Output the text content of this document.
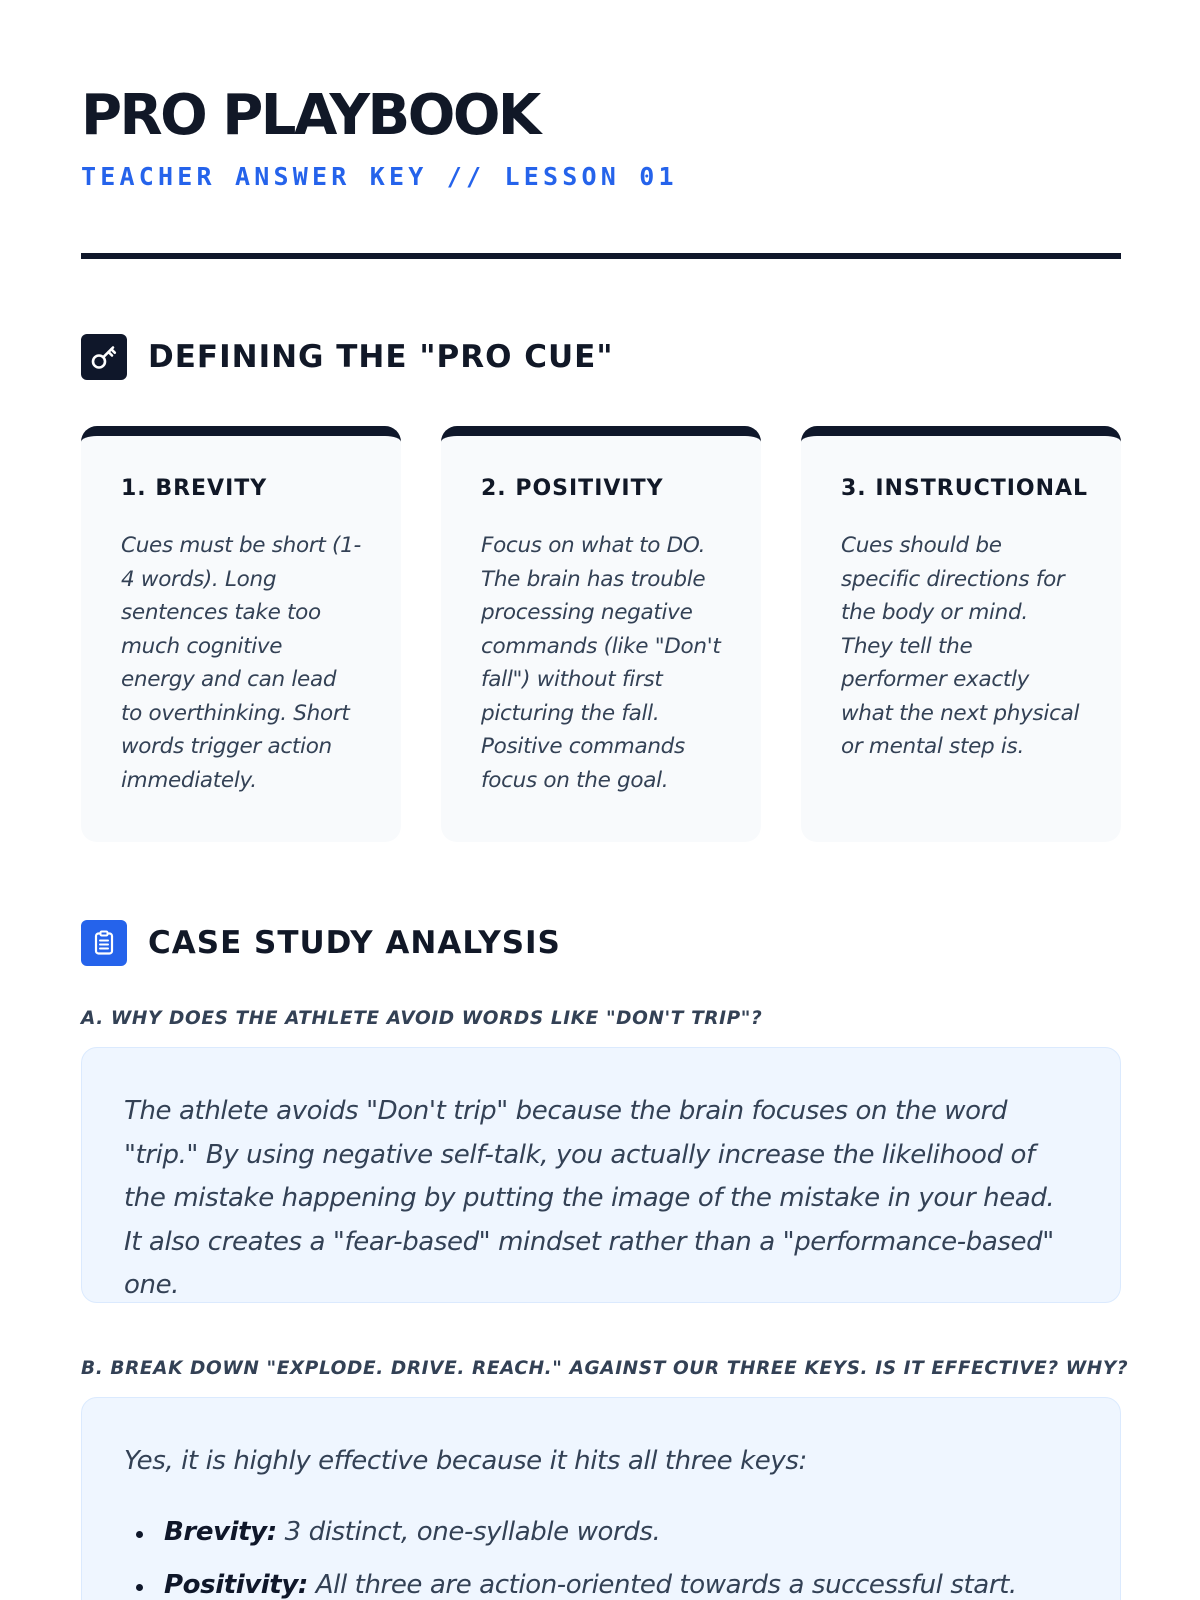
PRO PLAYBOOK
TEACHER ANSWER KEY // LESSON 01
DEFINING THE "PRO CUE"
1. BREVITY

Cues must be short (1-4 words). Long sentences take too much cognitive energy and can lead to overthinking. Short words trigger action immediately.

2. POSITIVITY

Focus on what to DO. The brain has trouble processing negative commands (like "Don't fall") without first picturing the fall. Positive commands focus on the goal.

3. INSTRUCTIONAL

Cues should be specific directions for the body or mind. They tell the performer exactly what the next physical or mental step is.

CASE STUDY ANALYSIS
A. WHY DOES THE ATHLETE AVOID WORDS LIKE "DON'T TRIP"?

The athlete avoids "Don't trip" because the brain focuses on the word "trip." By using negative self-talk, you actually increase the likelihood of the mistake happening by putting the image of the mistake in your head. It also creates a "fear-based" mindset rather than a "performance-based" one.

B. BREAK DOWN "EXPLODE. DRIVE. REACH." AGAINST OUR THREE KEYS. IS IT EFFECTIVE? WHY?

Yes, it is highly effective because it hits all three keys:

Brevity: 3 distinct, one-syllable words.
Positivity: All three are action-oriented towards a successful start.
